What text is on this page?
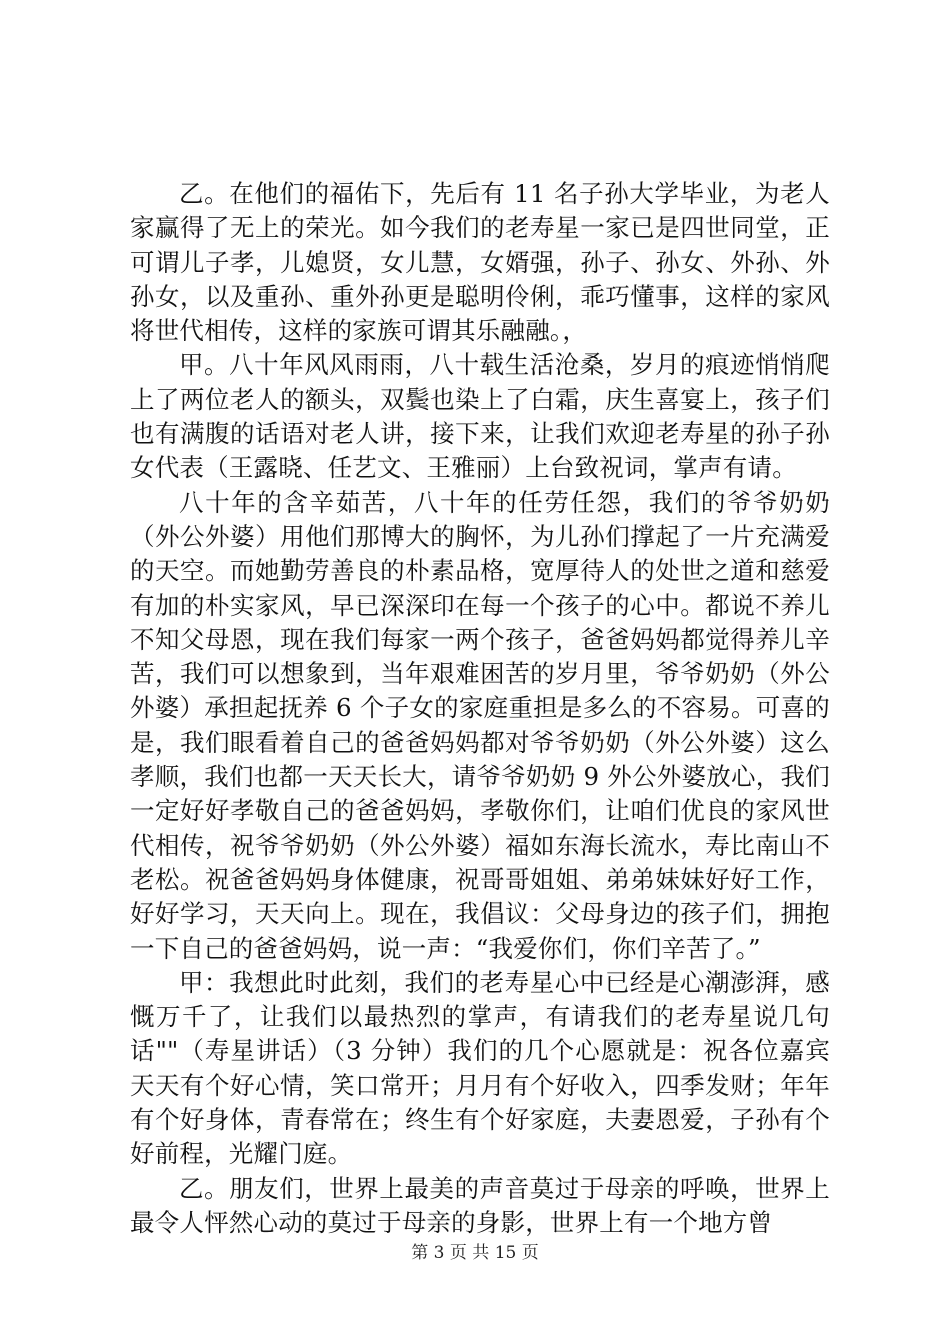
乙。在他们的福佑下，先后有 11 名子孙大学毕业，为老人家赢得了无上的荣光。如今我们的老寿星一家已是四世同堂，正可谓儿子孝，儿媳贤，女儿慧，女婿强，孙子、孙女、外孙、外孙女，以及重孙、重外孙更是聪明伶俐，乖巧懂事，这样的家风将世代相传，这样的家族可谓其乐融融。，

甲。八十年风风雨雨，八十载生活沧桑，岁月的痕迹悄悄爬上了两位老人的额头，双鬓也染上了白霜，庆生喜宴上，孩子们也有满腹的话语对老人讲，接下来，让我们欢迎老寿星的孙子孙女代表（王露晓、任艺文、王雅丽）上台致祝词，掌声有请。

八十年的含辛茹苦，八十年的任劳任怨，我们的爷爷奶奶（外公外婆）用他们那博大的胸怀，为儿孙们撑起了一片充满爱的天空。而她勤劳善良的朴素品格，宽厚待人的处世之道和慈爱有加的朴实家风，早已深深印在每一个孩子的心中。都说不养儿不知父母恩，现在我们每家一两个孩子，爸爸妈妈都觉得养儿辛苦，我们可以想象到，当年艰难困苦的岁月里，爷爷奶奶（外公外婆）承担起抚养 6 个子女的家庭重担是多么的不容易。可喜的是，我们眼看着自己的爸爸妈妈都对爷爷奶奶（外公外婆）这么孝顺，我们也都一天天长大，请爷爷奶奶 9 外公外婆放心，我们一定好好孝敬自己的爸爸妈妈，孝敬你们，让咱们优良的家风世代相传，祝爷爷奶奶（外公外婆）福如东海长流水，寿比南山不老松。祝爸爸妈妈身体健康，祝哥哥姐姐、弟弟妹妹好好工作，好好学习，天天向上。现在，我倡议：父母身边的孩子们，拥抱一下自己的爸爸妈妈，说一声：“我爱你们，你们辛苦了。”

甲：我想此时此刻，我们的老寿星心中已经是心潮澎湃，感慨万千了，让我们以最热烈的掌声，有请我们的老寿星说几句话""（寿星讲话）（3 分钟）我们的几个心愿就是：祝各位嘉宾天天有个好心情，笑口常开；月月有个好收入，四季发财；年年有个好身体，青春常在；终生有个好家庭，夫妻恩爱，子孙有个好前程，光耀门庭。

乙。朋友们，世界上最美的声音莫过于母亲的呼唤，世界上最令人怦然心动的莫过于母亲的身影，世界上有一个地方曾

第 3 页 共 15 页
